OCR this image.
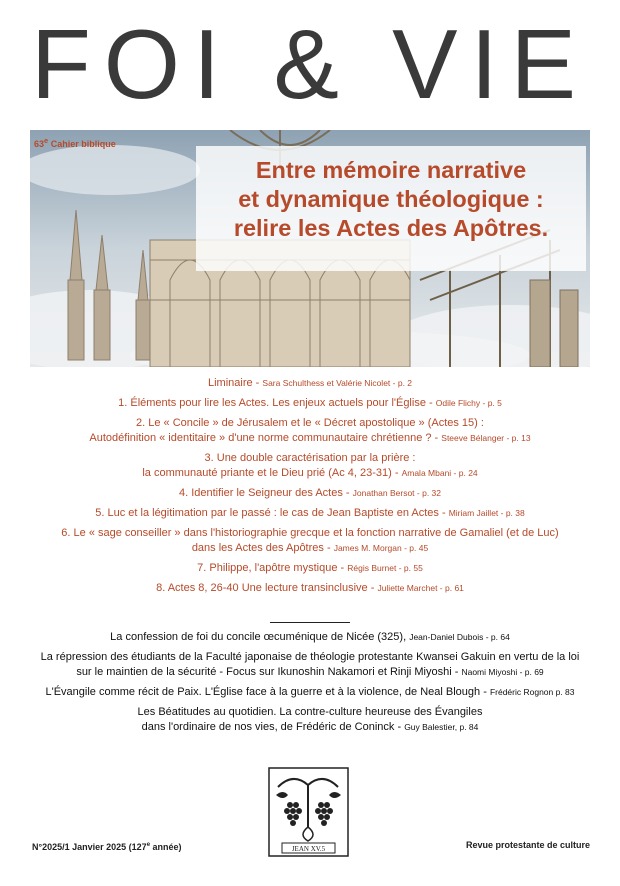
FOI & VIE
63e Cahier biblique
Entre mémoire narrative
et dynamique théologique :
relire les Actes des Apôtres.
Liminaire - Sara Schulthess et Valérie Nicolet - p. 2
1. Éléments pour lire les Actes. Les enjeux actuels pour l'Église - Odile Flichy - p. 5
2. Le « Concile » de Jérusalem et le « Décret apostolique » (Actes 15) :
Autodéfinition « identitaire » d'une norme communautaire chrétienne ? - Steeve Bélanger - p. 13
3. Une double caractérisation par la prière :
la communauté priante et le Dieu prié (Ac 4, 23-31) - Amala Mbani - p. 24
4. Identifier le Seigneur des Actes - Jonathan Bersot - p. 32
5. Luc et la légitimation par le passé : le cas de Jean Baptiste en Actes - Miriam Jaillet - p. 38
6. Le « sage conseiller » dans l'historiographie grecque et la fonction narrative de Gamaliel (et de Luc)
dans les Actes des Apôtres - James M. Morgan - p. 45
7. Philippe, l'apôtre mystique - Régis Burnet - p. 55
8. Actes 8, 26-40 Une lecture transinclusive - Juliette Marchet - p. 61
La confession de foi du concile œcuménique de Nicée (325), Jean-Daniel Dubois - p. 64
La répression des étudiants de la Faculté japonaise de théologie protestante Kwansei Gakuin en vertu de la loi
sur le maintien de la sécurité - Focus sur Ikunoshin Nakamori et Rinji Miyoshi - Naomi Miyoshi - p. 69
L'Évangile comme récit de Paix. L'Église face à la guerre et à la violence, de Neal Blough - Frédéric Rognon p. 83
Les Béatitudes au quotidien. La contre-culture heureuse des Évangiles
dans l'ordinaire de nos vies, de Frédéric de Coninck - Guy Balestier, p. 84
JEAN XV.5
N°2025/1 Janvier 2025 (127e année)	Revue protestante de culture
